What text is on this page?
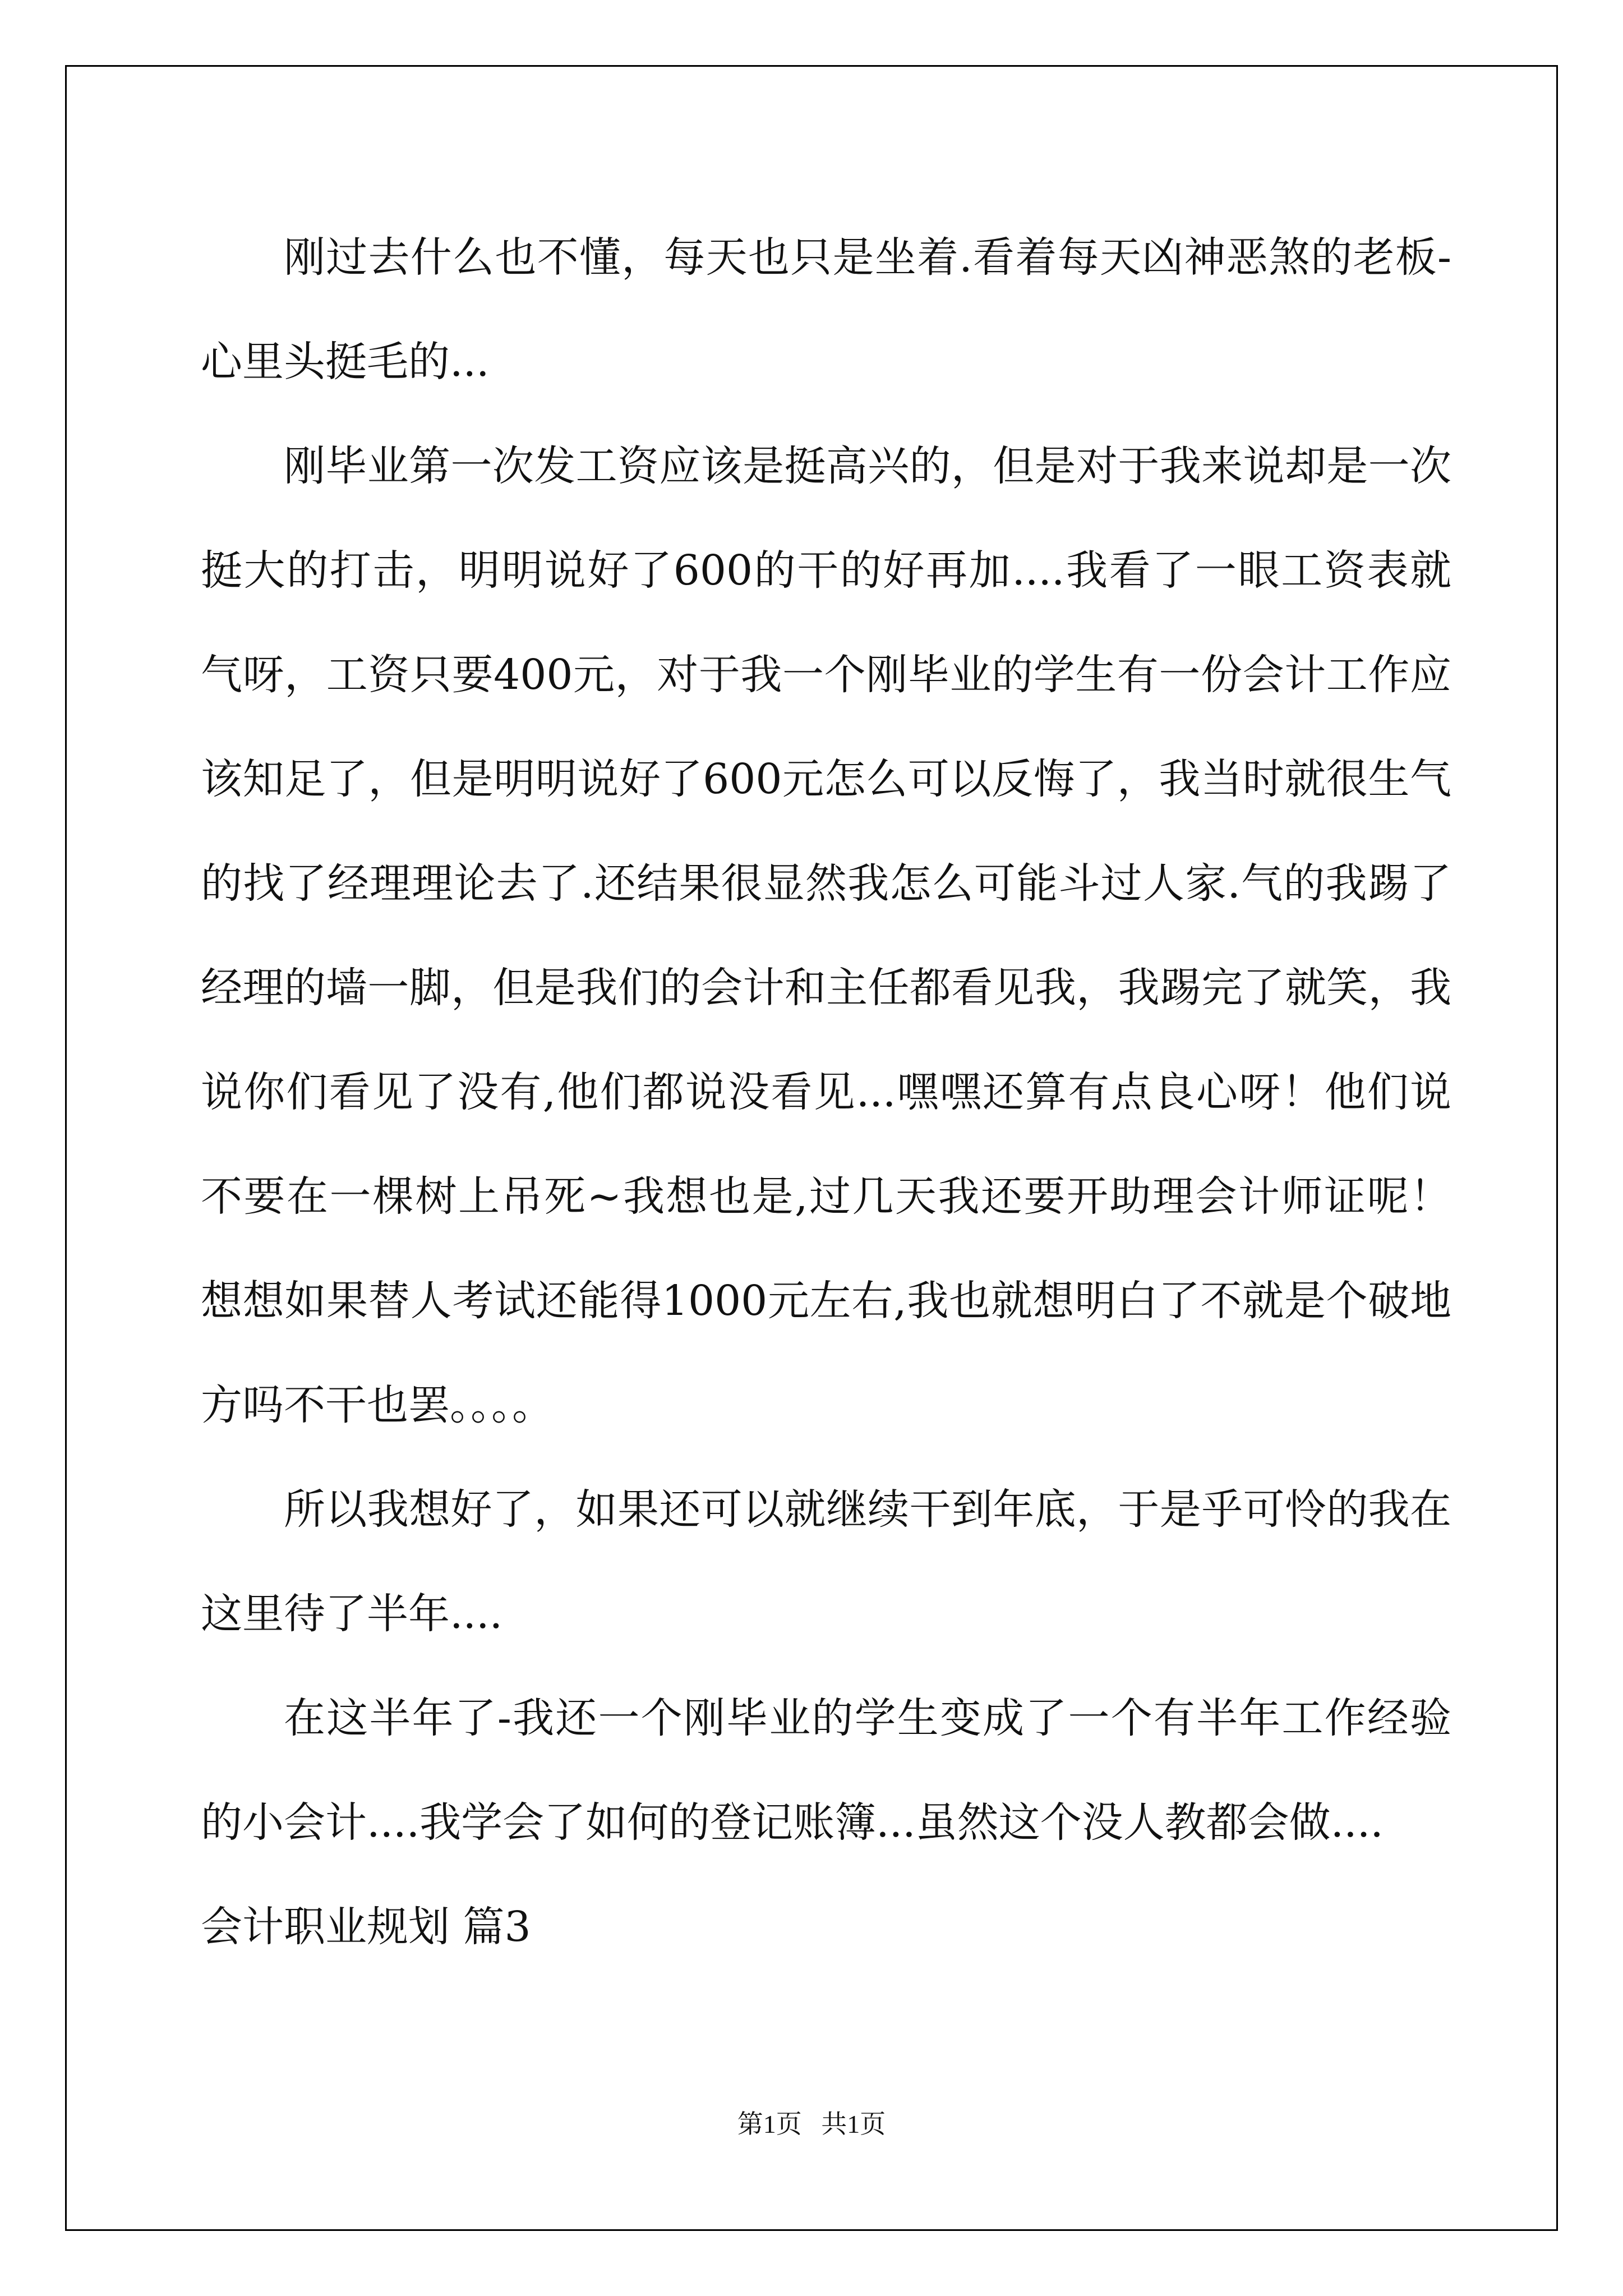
刚过去什么也不懂，每天也只是坐着.看着每天凶神恶煞的老板-心里头挺毛的...

刚毕业第一次发工资应该是挺高兴的，但是对于我来说却是一次挺大的打击，明明说好了600的干的好再加....我看了一眼工资表就气呀，工资只要400元，对于我一个刚毕业的学生有一份会计工作应该知足了，但是明明说好了600元怎么可以反悔了，我当时就很生气的找了经理理论去了.还结果很显然我怎么可能斗过人家.气的我踢了经理的墙一脚，但是我们的会计和主任都看见我，我踢完了就笑，我说你们看见了没有,他们都说没看见...嘿嘿还算有点良心呀！他们说不要在一棵树上吊死~我想也是,过几天我还要开助理会计师证呢！想想如果替人考试还能得1000元左右,我也就想明白了不就是个破地方吗不干也罢。。。。

所以我想好了，如果还可以就继续干到年底，于是乎可怜的我在这里待了半年....

在这半年了-我还一个刚毕业的学生变成了一个有半年工作经验的小会计....我学会了如何的登记账簿...虽然这个没人教都会做....

会计职业规划 篇3

第1页   共1页
